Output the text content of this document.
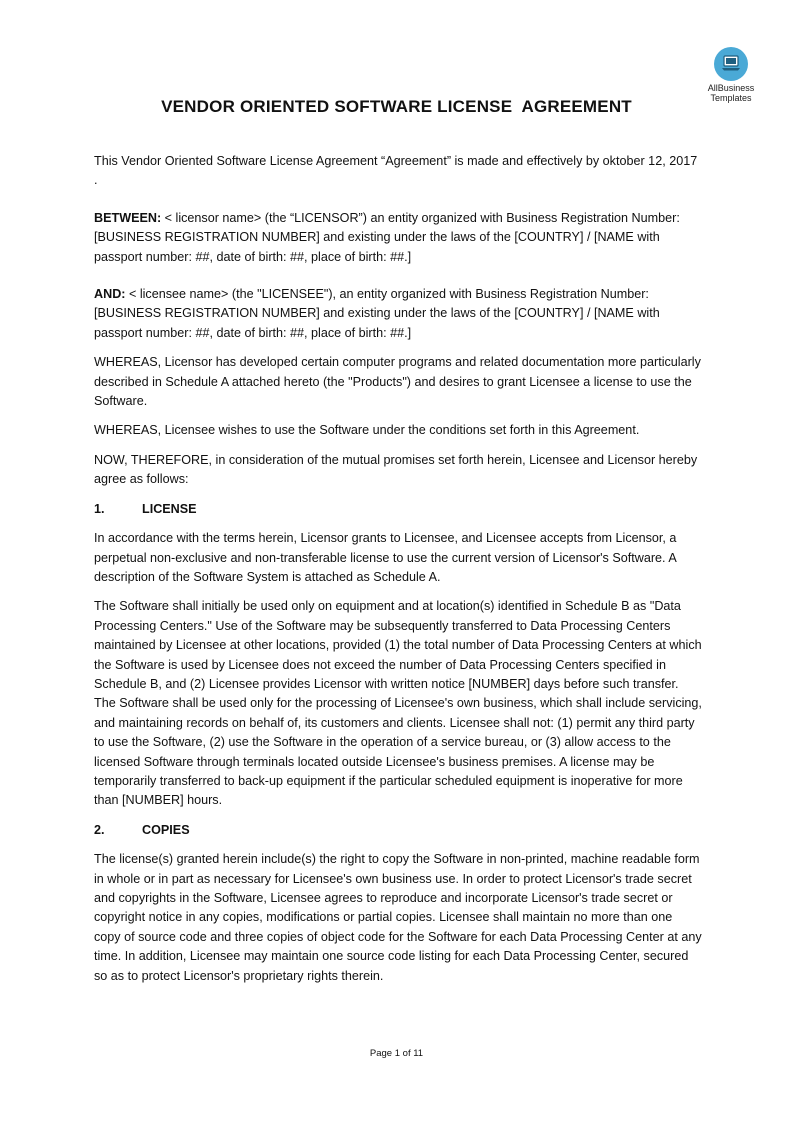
AllBusiness
Templates
VENDOR ORIENTED SOFTWARE LICENSE  AGREEMENT

This Vendor Oriented Software License Agreement “Agreement” is made and effectively by oktober 12, 2017 .

BETWEEN: < licensor name> (the “LICENSOR”) an entity organized with Business Registration Number: [BUSINESS REGISTRATION NUMBER] and existing under the laws of the [COUNTRY] / [NAME with passport number: ##, date of birth: ##, place of birth: ##.]

AND: < licensee name> (the "LICENSEE"), an entity organized with Business Registration Number: [BUSINESS REGISTRATION NUMBER] and existing under the laws of the [COUNTRY] / [NAME with passport number: ##, date of birth: ##, place of birth: ##.]

WHEREAS, Licensor has developed certain computer programs and related documentation more particularly described in Schedule A attached hereto (the "Products") and desires to grant Licensee a license to use the Software.

WHEREAS, Licensee wishes to use the Software under the conditions set forth in this Agreement.

NOW, THEREFORE, in consideration of the mutual promises set forth herein, Licensee and Licensor hereby agree as follows:

1.	LICENSE

In accordance with the terms herein, Licensor grants to Licensee, and Licensee accepts from Licensor, a perpetual non-exclusive and non-transferable license to use the current version of Licensor's Software. A description of the Software System is attached as Schedule A.

The Software shall initially be used only on equipment and at location(s) identified in Schedule B as "Data Processing Centers." Use of the Software may be subsequently transferred to Data Processing Centers maintained by Licensee at other locations, provided (1) the total number of Data Processing Centers at which the Software is used by Licensee does not exceed the number of Data Processing Centers specified in Schedule B, and (2) Licensee provides Licensor with written notice [NUMBER] days before such transfer. The Software shall be used only for the processing of Licensee's own business, which shall include servicing, and maintaining records on behalf of, its customers and clients. Licensee shall not: (1) permit any third party to use the Software, (2) use the Software in the operation of a service bureau, or (3) allow access to the licensed Software through terminals located outside Licensee's business premises. A license may be temporarily transferred to back-up equipment if the particular scheduled equipment is inoperative for more than [NUMBER] hours.

2.	COPIES

The license(s) granted herein include(s) the right to copy the Software in non-printed, machine readable form in whole or in part as necessary for Licensee's own business use. In order to protect Licensor's trade secret and copyrights in the Software, Licensee agrees to reproduce and incorporate Licensor's trade secret or copyright notice in any copies, modifications or partial copies. Licensee shall maintain no more than one copy of source code and three copies of object code for the Software for each Data Processing Center at any time. In addition, Licensee may maintain one source code listing for each Data Processing Center, secured so as to protect Licensor's proprietary rights therein.

Page 1 of 11
